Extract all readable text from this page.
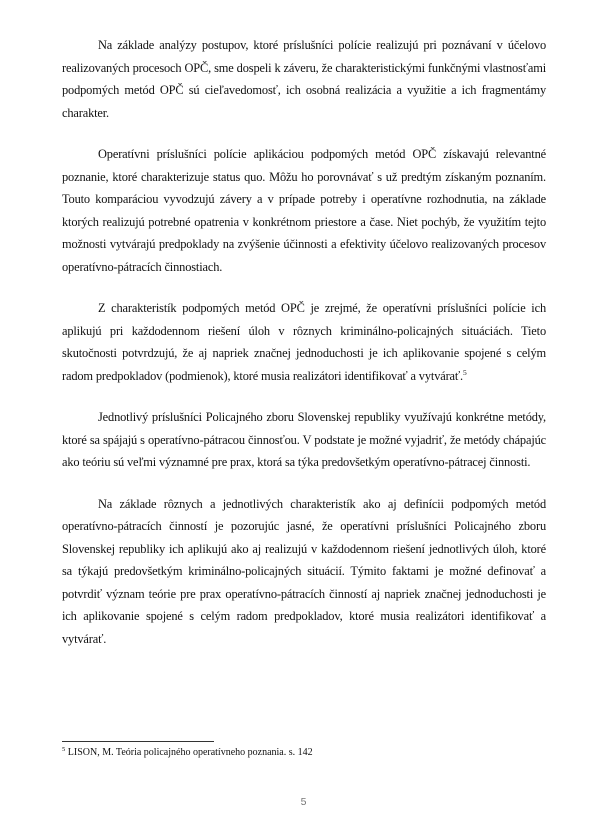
Na základe analýzy postupov, ktoré príslušníci polície realizujú pri poznávaní v účelovo realizovaných procesoch OPČ, sme dospeli k záveru, že charakteristickými funkčnými vlastnosťami podpomých metód OPČ sú cieľavedomosť, ich osobná realizácia a využitie a ich fragmentámy charakter.

Operatívni príslušníci polície aplikáciou podpomých metód OPČ získavajú relevantné poznanie, ktoré charakterizuje status quo. Môžu ho porovnávať s už predtým získaným poznaním. Touto komparáciou vyvodzujú závery a v prípade potreby i operatívne rozhodnutia, na základe ktorých realizujú potrebné opatrenia v konkrétnom priestore a čase. Niet pochýb, že využitím tejto možnosti vytvárajú predpoklady na zvýšenie účinnosti a efektivity účelovo realizovaných procesov operatívno-pátracích činnostiach.

Z charakteristík podpomých metód OPČ je zrejmé, že operatívni príslušníci polície ich aplikujú pri každodennom riešení úloh v rôznych kriminálno-policajných situáciách. Tieto skutočnosti potvrdzujú, že aj napriek značnej jednoduchosti je ich aplikovanie spojené s celým radom predpokladov (podmienok), ktoré musia realizátori identifikovať a vytvárať.$^5$

Jednotlivý príslušníci Policajného zboru Slovenskej republiky využívajú konkrétne metódy, ktoré sa spájajú s operatívno-pátracou činnosťou. V podstate je možné vyjadriť, že metódy chápajúc ako teóriu sú veľmi významné pre prax, ktorá sa týka predovšetkým operatívno-pátracej činnosti.

Na základe rôznych a jednotlivých charakteristík ako aj definícii podpomých metód operatívno-pátracích činností je pozorujúc jasné, že operatívni príslušníci Policajného zboru Slovenskej republiky ich aplikujú ako aj realizujú v každodennom riešení jednotlivých úloh, ktoré sa týkajú predovšetkým kriminálno-policajných situácií. Týmito faktami je možné definovať a potvrdiť význam teórie pre prax operatívno-pátracích činností aj napriek značnej jednoduchosti je ich aplikovanie spojené s celým radom predpokladov, ktoré musia realizátori identifikovať a vytvárať.

$^5$ LISON, M. Teória policajného operatívneho poznania. s. 142
5
